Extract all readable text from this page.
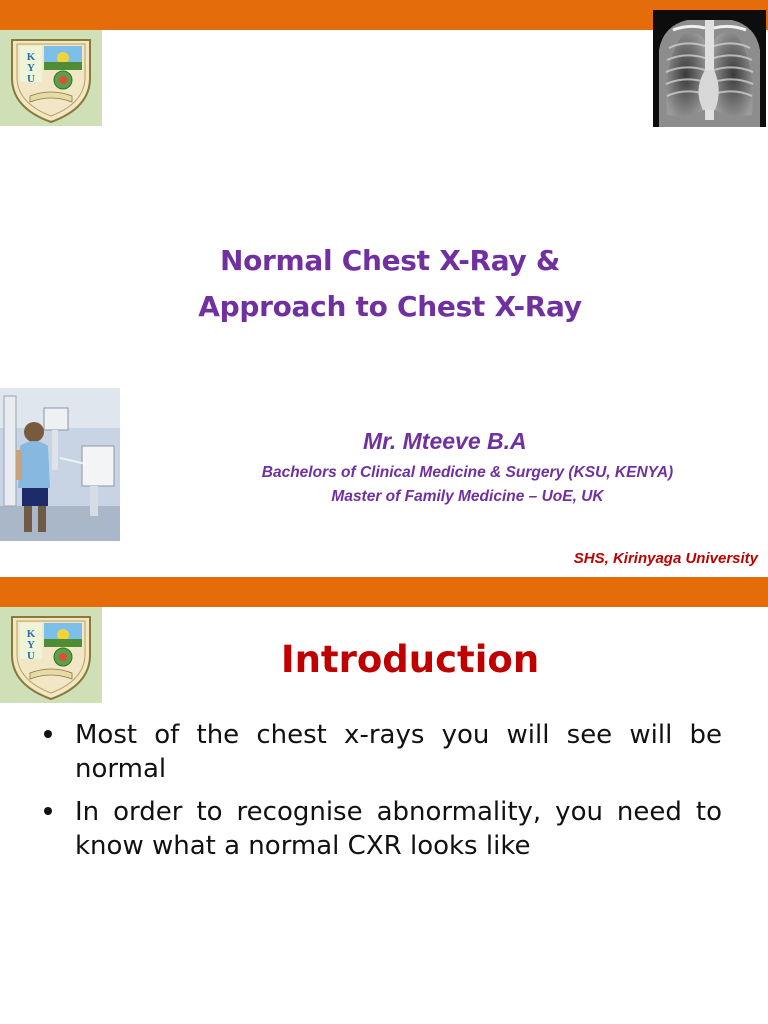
K
Y
U
Normal Chest X-Ray &
Approach to Chest X-Ray
Mr. Mteeve B.A
Bachelors of Clinical Medicine & Surgery (KSU, KENYA)
Master of Family Medicine – UoE, UK
SHS, Kirinyaga University
K
Y
U	Introduction
Most of the chest x-rays you will see will be normal
In order to recognise abnormality, you need to know what a normal CXR looks like
